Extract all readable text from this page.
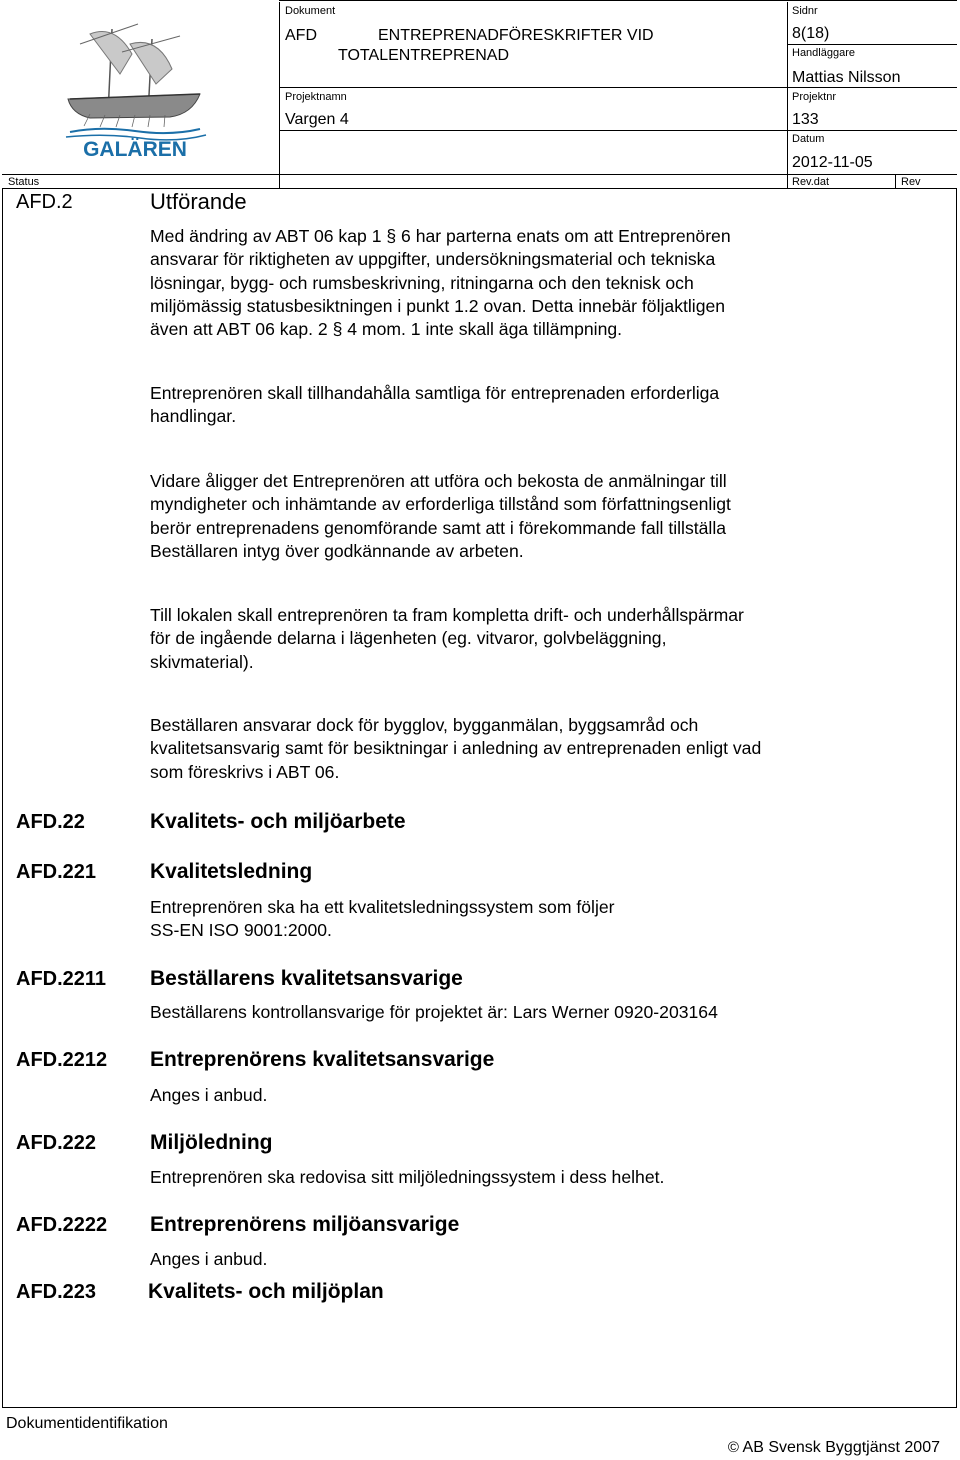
GALÄREN
Dokument
AFD	ENTREPRENADFÖRESKRIFTER VID
TOTALENTREPRENAD
Sidnr
8(18)
Handläggare
Mattias Nilsson
Projektnamn
Vargen 4
Projektnr
133
Datum
2012-11-05
Status	Rev.dat	Rev
AFD.2	Utförande
Med ändring av ABT 06 kap 1 § 6 har parterna enats om att Entreprenören
ansvarar för riktigheten av uppgifter, undersökningsmaterial och tekniska
lösningar, bygg- och rumsbeskrivning, ritningarna och den teknisk och
miljömässig statusbesiktningen i punkt 1.2 ovan. Detta innebär följaktligen
även att ABT 06 kap. 2 § 4 mom. 1 inte skall äga tillämpning.
Entreprenören skall tillhandahålla samtliga för entreprenaden erforderliga
handlingar.
Vidare åligger det Entreprenören att utföra och bekosta de anmälningar till
myndigheter och inhämtande av erforderliga tillstånd som författningsenligt
berör entreprenadens genomförande samt att i förekommande fall tillställa
Beställaren intyg över godkännande av arbeten.
Till lokalen skall entreprenören ta fram kompletta drift- och underhållspärmar
för de ingående delarna i lägenheten (eg. vitvaror, golvbeläggning,
skivmaterial).
Beställaren ansvarar dock för bygglov, bygganmälan, byggsamråd och
kvalitetsansvarig samt för besiktningar i anledning av entreprenaden enligt vad
som föreskrivs i ABT 06.
AFD.22	Kvalitets- och miljöarbete
AFD.221	Kvalitetsledning
Entreprenören ska ha ett kvalitetsledningssystem som följer
SS-EN ISO 9001:2000.
AFD.2211 Beställarens kvalitetsansvarige
Beställarens kontrollansvarige för projektet är: Lars Werner 0920-203164
AFD.2212 Entreprenörens kvalitetsansvarige
Anges i anbud.
AFD.222	Miljöledning
Entreprenören ska redovisa sitt miljöledningssystem i dess helhet.
AFD.2222 Entreprenörens miljöansvarige
Anges i anbud.
AFD.223 Kvalitets- och miljöplan
Dokumentidentifikation
© AB Svensk Byggtjänst 2007
